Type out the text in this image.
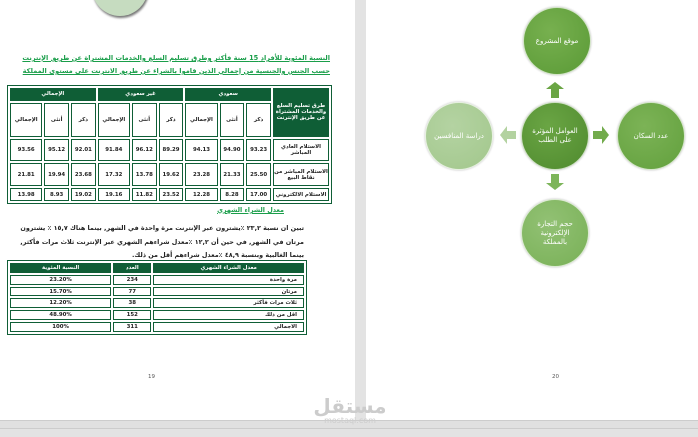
النسبة المئوية للأفراد 15 سنة فأكثر وطرق تسليم السلع والخدمات المشتراة عن طريق الإنترنت حسب الجنس والجنسية من إجمالي الذين قاموا بالشراء عن طريق الانترنت على مستوى المملكة
طرق تسليم السلع والخدمات المشتراة عن طريق الإنترنت	سعودي			غير سعودي			الإجمالي		
	ذكر	أنثى	الإجمالي	ذكر	أنثى	الإجمالي	ذكر	أنثى	الإجمالي
الاستلام العادي المباشر	93.23	94.90	94.13	89.29	96.12	91.84	92.01	95.12	93.56
الاستلام المباشر من نقاط البيع	25.50	21.33	23.28	19.62	13.78	17.32	23.68	19.94	21.81
الاستلام الالكتروني	17.00	8.28	12.28	23.52	11.82	19.16	19.02	8.93	13.98
معدل الشراء الشهري
تبين ان نسبة ٢٣,٢ ٪يشترون عبر الإنترنت مرة واحدة في الشهر, بينما هناك ١٥,٧ ٪ يشترون مرتان في الشهر, في حين أن ١٢,٢ ٪معدل شراءهم الشهري عبر الإنترنت ثلاث مرات فأكثر, بينما الغالبية وبنسبة ٤٨,٩ ٪معدل شراءهم أقل من ذلك.
معدل الشراء الشهري	العدد	النسبة المئوية
مرة واحدة	234	23.20%
مرتان	77	15.70%
ثلاث مرات فأكثر	38	12.20%
اقل من ذلك	152	48.90%
الاجمالي	311	100%
19
موقع المشروع
العوامل المؤثرة على الطلب
عدد السكان
حجم التجارة الإلكترونية بالمملكة
دراسة المنافسين
20
مستقل
mostaql.com
